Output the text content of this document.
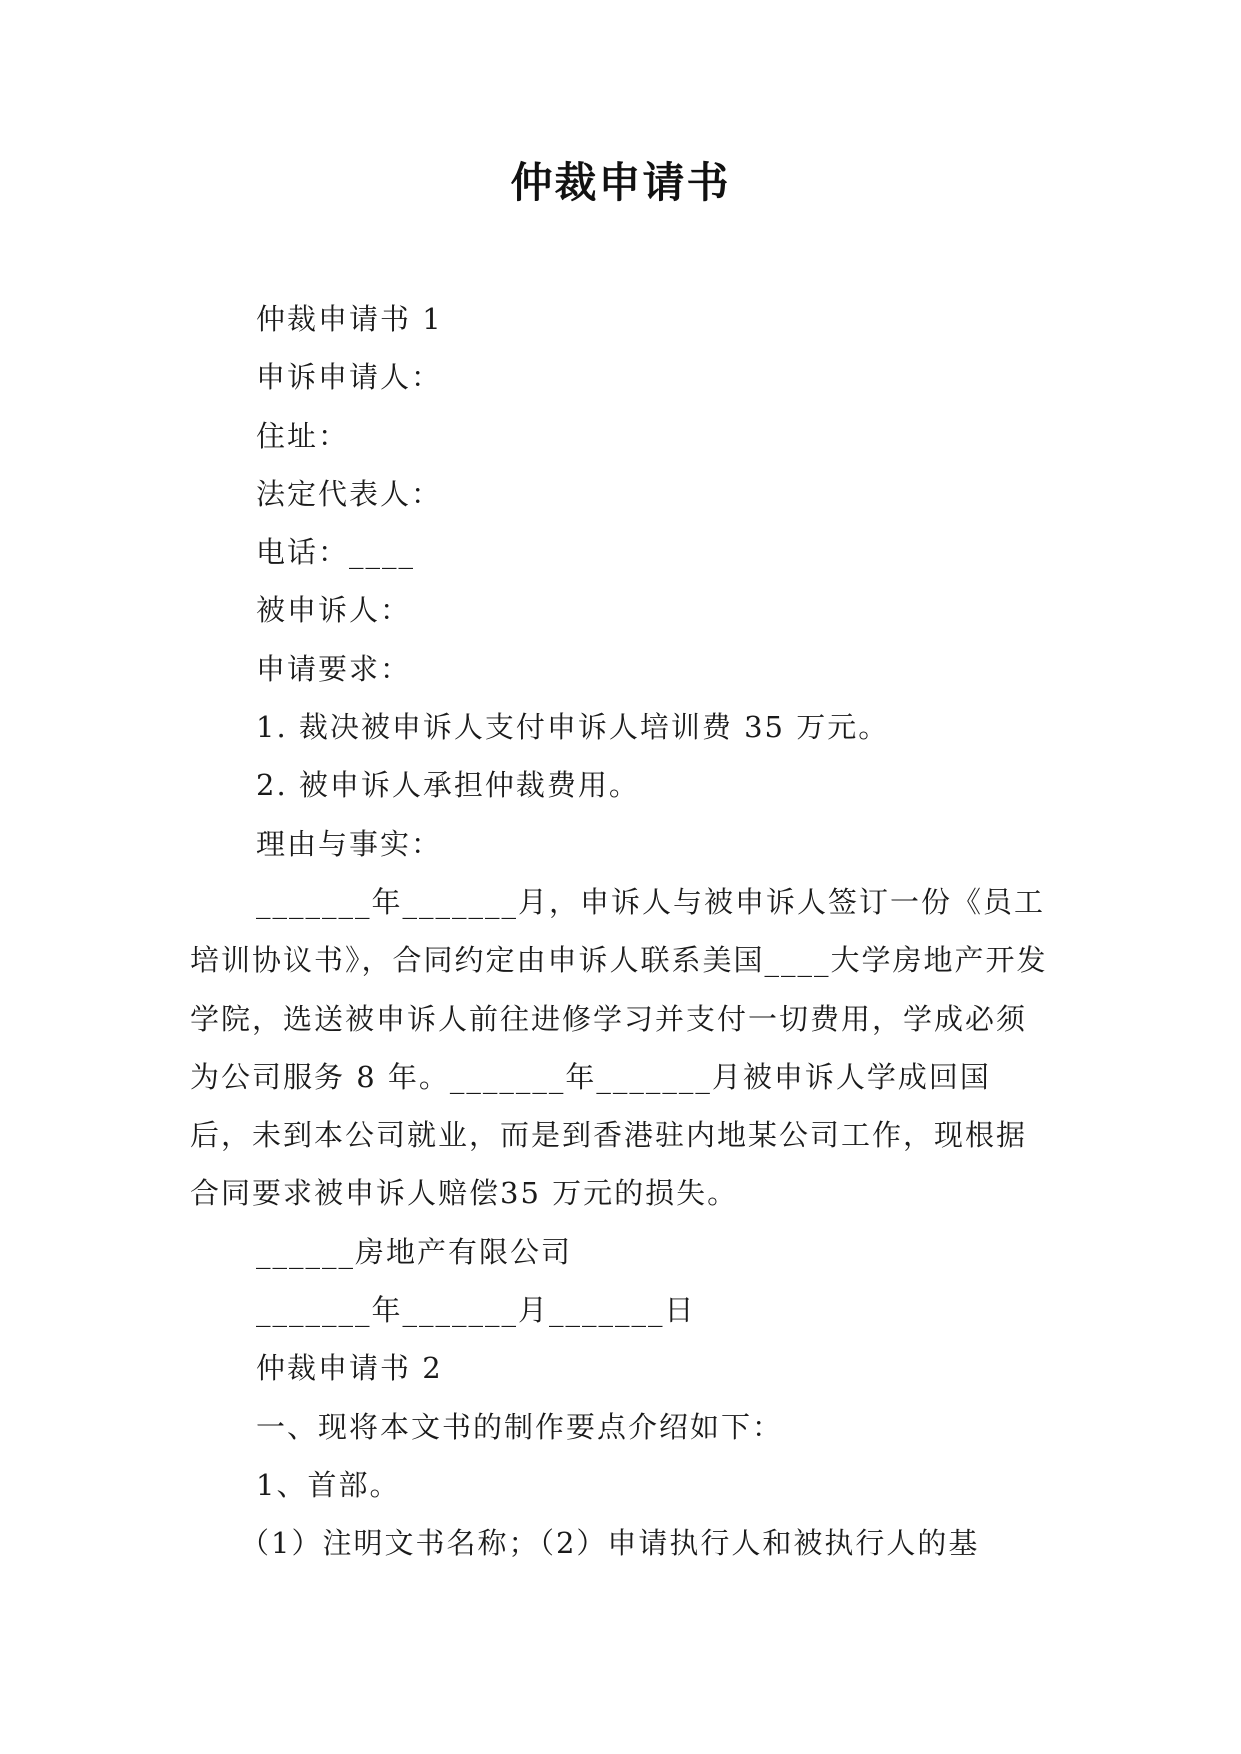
仲裁申请书

仲裁申请书 1

申诉申请人：

住址：

法定代表人：

电话：____

被申诉人：

申请要求：

1. 裁决被申诉人支付申诉人培训费 35 万元。

2. 被申诉人承担仲裁费用。

理由与事实：

_______年_______月，申诉人与被申诉人签订一份《员工培训协议书》，合同约定由申诉人联系美国____大学房地产开发学院，选送被申诉人前往进修学习并支付一切费用，学成必须为公司服务 8 年。_______年_______月被申诉人学成回国后，未到本公司就业，而是到香港驻内地某公司工作，现根据合同要求被申诉人赔偿35 万元的损失。

______房地产有限公司

_______年_______月_______日

仲裁申请书 2

一、现将本文书的制作要点介绍如下：

1、首部。

（1）注明文书名称；（2）申请执行人和被执行人的基
